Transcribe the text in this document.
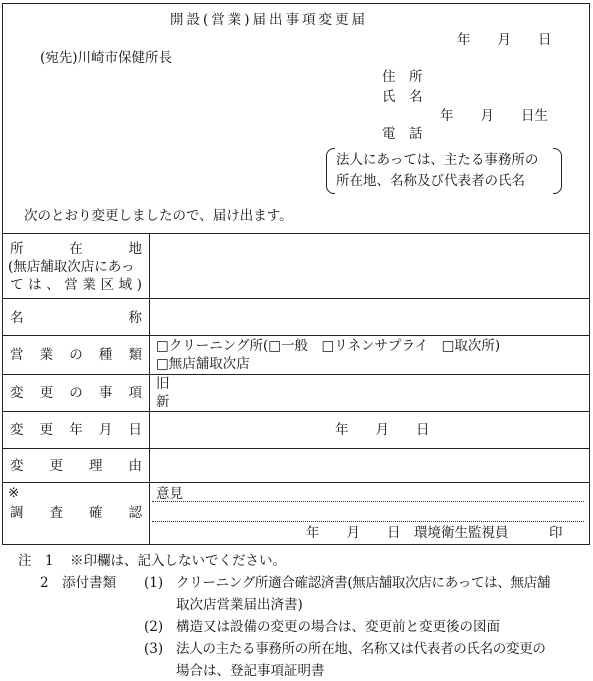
開設(営業)届出事項変更届
年　　月　　日
(宛先)川崎市保健所長
住　所
氏　名
年　　月　　日生
電　話
法人にあっては、主たる事務所の
所在地、名称及び代表者の氏名
次のとおり変更しましたので、届け出ます。
所　在　地
(無店舗取次店にあっ
ては、営業区域)
名　　称
営業の種類
□クリーニング所(□一般　□リネンサプライ　□取次所)
□無店舗取次店
変更の事項
旧
新
変更年月日	年　　月　　日
変更理由
※
調査確認
意見
年　　月　　日　環境衛生監視員　　　印
注　1 ※印欄は、記入しないでください。
2　添付書類 (1) クリーニング所適合確認済書(無店舗取次店にあっては、無店舗
取次店営業届出済書)
(2) 構造又は設備の変更の場合は、変更前と変更後の図面
(3) 法人の主たる事務所の所在地、名称又は代表者の氏名の変更の
場合は、登記事項証明書
